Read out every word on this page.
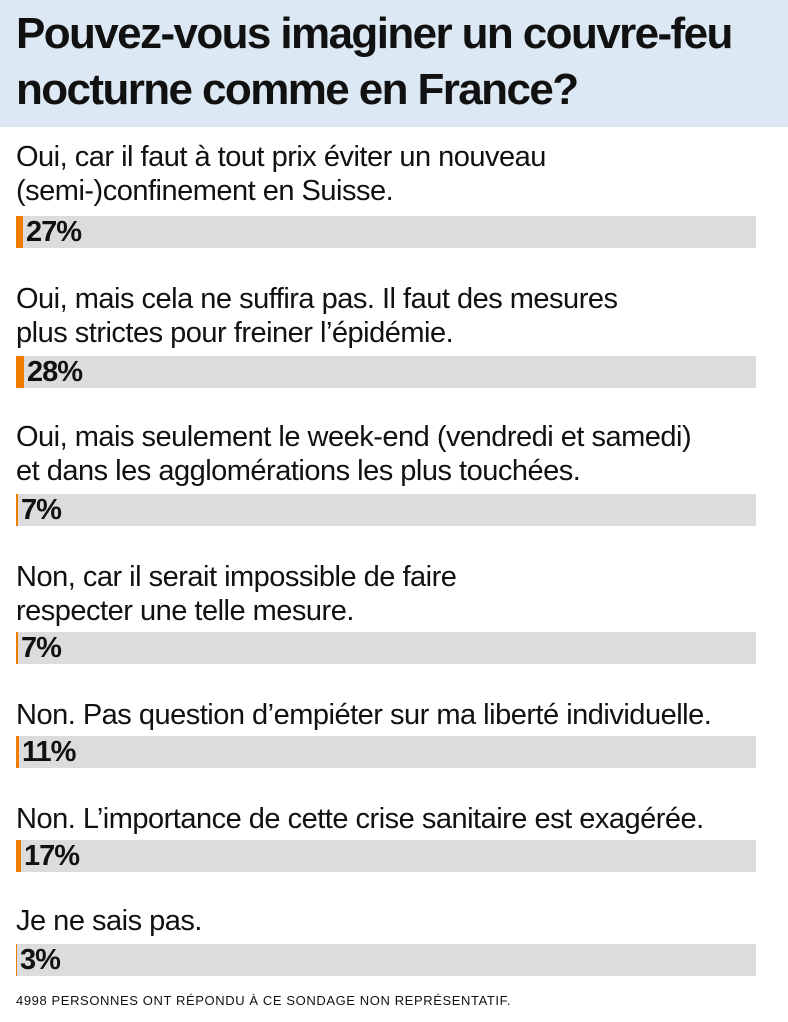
Pouvez-vous imaginer un couvre-feu nocturne comme en France?
Oui, car il faut à tout prix éviter un nouveau
(semi-)confinement en Suisse.
27%
Oui, mais cela ne suffira pas. Il faut des mesures
plus strictes pour freiner l’épidémie.
28%
Oui, mais seulement le week-end (vendredi et samedi)
et dans les agglomérations les plus touchées.
7%
Non, car il serait impossible de faire
respecter une telle mesure.
7%
Non. Pas question d’empiéter sur ma liberté individuelle.
11%
Non. L’importance de cette crise sanitaire est exagérée.
17%
Je ne sais pas.
3%
4998 PERSONNES ONT RÉPONDU À CE SONDAGE NON REPRÉSENTATIF.
